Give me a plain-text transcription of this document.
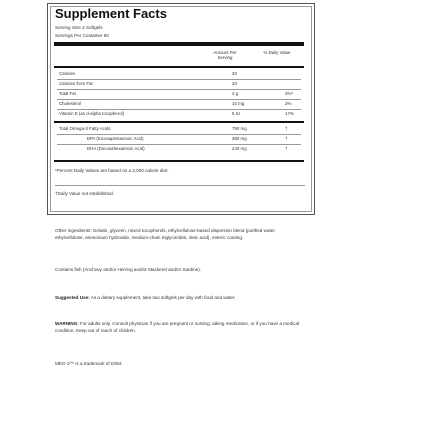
Supplement Facts
Serving Size 2 Softgels
Servings Per Container 60
Amount Per Serving
% Daily Value
Calories	20
Calories from Fat	20
Total Fat	2 g	3%*
Cholesterol	10 mg	3%
Vitamin E (as d-alpha tocopherol)	5 IU	17%
Total Omega-3 Fatty Acids	750 mg	†
EPA (Eicosapentaenoic Acid)	360 mg	†
DHA (Docosahexaenoic Acid)	240 mg	†
*Percent Daily Values are based on a 2,000 calorie diet.
†Daily Value not established.
Other ingredients: Gelatin, glycerin, mixed tocopherols, ethylcellulose-based dispersion blend (purified water, ethylcellulose, ammonium hydroxide, medium-chain triglycerides, oleic acid), enteric coating.
Contains fish (Anchovy and/or Herring and/or Mackerel and/or Sardine).
Suggested Use: As a dietary supplement, take two softgels per day with food and water.
WARNING: For adults only. Consult physician if you are pregnant or nursing, taking medication, or if you have a medical condition. Keep out of reach of children.
MEG-3™ is a trademark of DSM.
